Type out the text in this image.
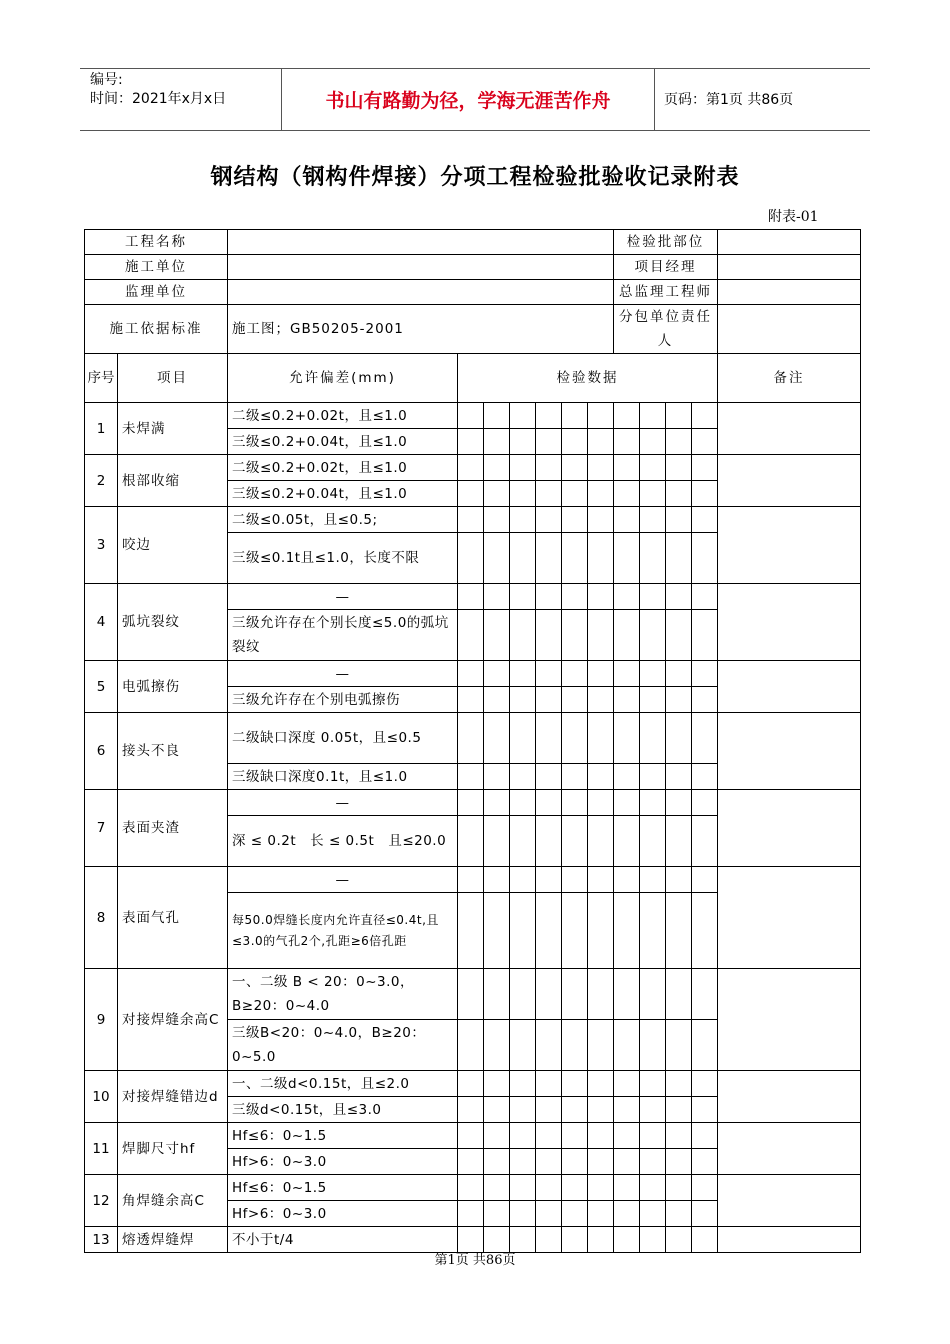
编号:
时间：2021年x月x日	书山有路勤为径，学海无涯苦作舟	页码：第1页 共86页
钢结构（钢构件焊接）分项工程检验批验收记录附表
附表-01
工程名称									检验批部位				
施工单位									项目经理				
监理单位									总监理工程师				
施工依据标准		施工图；GB50205-2001							分包单位责任人				
序号	项目	允许偏差(mm)	检验数据										备注
1	未焊满	二级≤0.2+0.02t，且≤1.0											
		三级≤0.2+0.04t，且≤1.0											
2	根部收缩	二级≤0.2+0.02t，且≤1.0											
		三级≤0.2+0.04t，且≤1.0											
3	咬边	二级≤0.05t，且≤0.5;											
		三级≤0.1t且≤1.0，长度不限											
4	弧坑裂纹	—											
		三级允许存在个别长度≤5.0的弧坑裂纹											
5	电弧擦伤	—											
		三级允许存在个别电弧擦伤											
6	接头不良	二级缺口深度 0.05t，且≤0.5											
		三级缺口深度0.1t，且≤1.0											
7	表面夹渣	—											
		深 ≤ 0.2t　长 ≤ 0.5t　且≤20.0											
8	表面气孔	—											
		每50.0焊缝长度内允许直径≤0.4t,且≤3.0的气孔2个,孔距≥6倍孔距											
9	对接焊缝余高C	一、二级 B < 20：0~3.0，B≥20：0~4.0											
		三级B<20：0~4.0，B≥20：0~5.0											
10	对接焊缝错边d	一、二级d<0.15t，且≤2.0											
		三级d<0.15t，且≤3.0											
11	焊脚尺寸hf	Hf≤6：0~1.5											
		Hf>6：0~3.0											
12	角焊缝余高C	Hf≤6：0~1.5											
		Hf>6：0~3.0											
13	熔透焊缝焊	不小于t/4											
第1页 共86页
